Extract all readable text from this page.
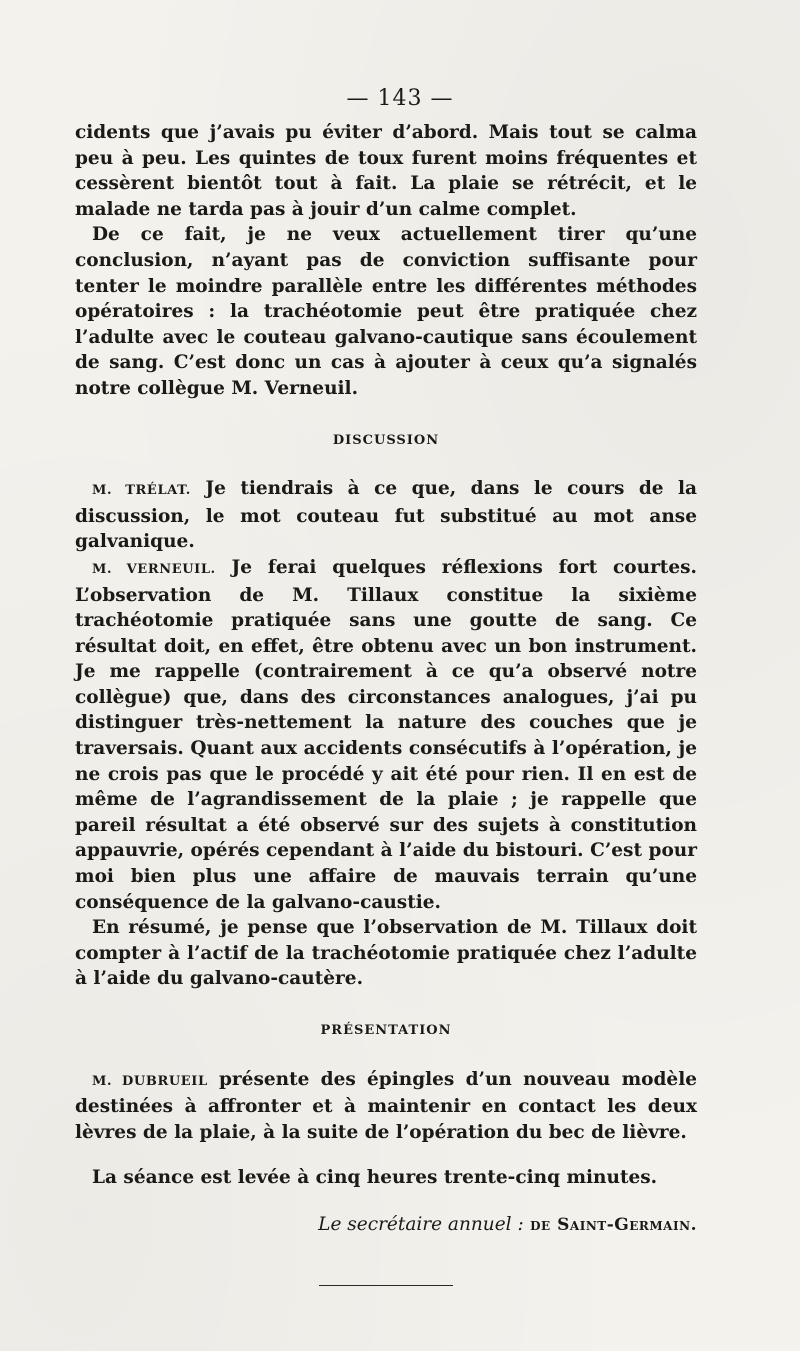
— 143 —

cidents que j’avais pu éviter d’abord. Mais tout se calma peu à peu. Les quintes de toux furent moins fréquentes et cessèrent bientôt tout à fait. La plaie se rétrécit, et le malade ne tarda pas à jouir d’un calme complet.

De ce fait, je ne veux actuellement tirer qu’une conclusion, n’ayant pas de conviction suffisante pour tenter le moindre parallèle entre les différentes méthodes opératoires : la trachéotomie peut être pratiquée chez l’adulte avec le couteau galvano-cautique sans écoulement de sang. C’est donc un cas à ajouter à ceux qu’a signalés notre collègue M. Verneuil.

DISCUSSION

M. TRÉLAT. Je tiendrais à ce que, dans le cours de la discussion, le mot couteau fut substitué au mot anse galvanique.

M. VERNEUIL. Je ferai quelques réflexions fort courtes. L’observation de M. Tillaux constitue la sixième trachéotomie pratiquée sans une goutte de sang. Ce résultat doit, en effet, être obtenu avec un bon instrument. Je me rappelle (contrairement à ce qu’a observé notre collègue) que, dans des circonstances analogues, j’ai pu distinguer très-nettement la nature des couches que je traversais. Quant aux accidents consécutifs à l’opération, je ne crois pas que le procédé y ait été pour rien. Il en est de même de l’agrandissement de la plaie ; je rappelle que pareil résultat a été observé sur des sujets à constitution appauvrie, opérés cependant à l’aide du bistouri. C’est pour moi bien plus une affaire de mauvais terrain qu’une conséquence de la galvano-caustie.

En résumé, je pense que l’observation de M. Tillaux doit compter à l’actif de la trachéotomie pratiquée chez l’adulte à l’aide du galvano-cautère.

PRÉSENTATION

M. DUBRUEIL présente des épingles d’un nouveau modèle destinées à affronter et à maintenir en contact les deux lèvres de la plaie, à la suite de l’opération du bec de lièvre.

La séance est levée à cinq heures trente-cinq minutes.

Le secrétaire annuel : de Saint-Germain.
